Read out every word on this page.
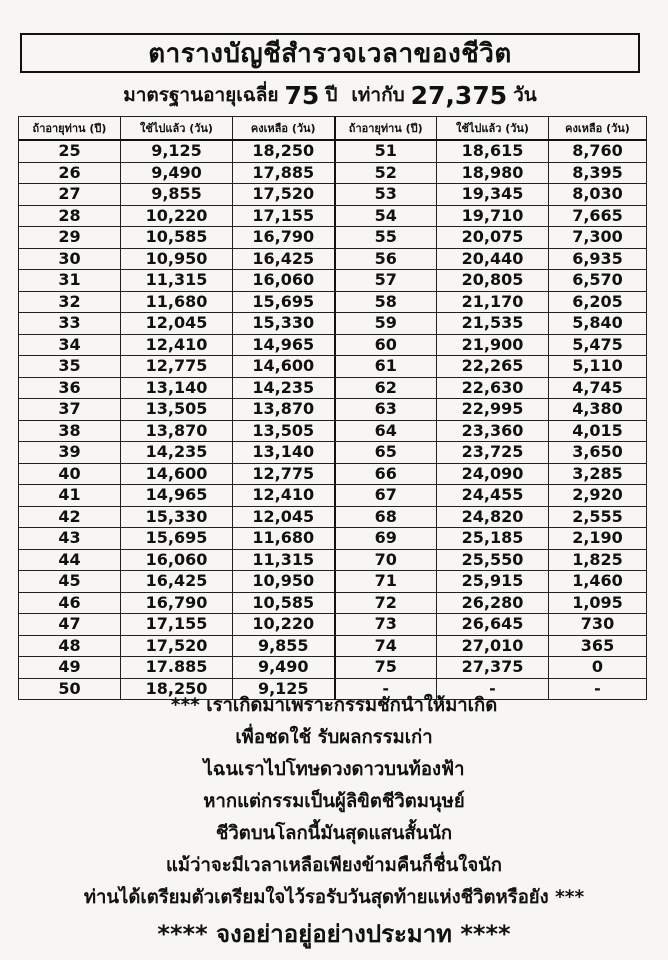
ตารางบัญชีสำรวจเวลาของชีวิต
มาตรฐานอายุเฉลี่ย 75 ปี เท่ากับ 27,375 วัน
ถ้าอายุท่าน (ปี)	ใช้ไปแล้ว (วัน)	คงเหลือ (วัน)	ถ้าอายุท่าน (ปี)	ใช้ไปแล้ว (วัน)	คงเหลือ (วัน)
25	9,125	18,250	51	18,615	8,760
26	9,490	17,885	52	18,980	8,395
27	9,855	17,520	53	19,345	8,030
28	10,220	17,155	54	19,710	7,665
29	10,585	16,790	55	20,075	7,300
30	10,950	16,425	56	20,440	6,935
31	11,315	16,060	57	20,805	6,570
32	11,680	15,695	58	21,170	6,205
33	12,045	15,330	59	21,535	5,840
34	12,410	14,965	60	21,900	5,475
35	12,775	14,600	61	22,265	5,110
36	13,140	14,235	62	22,630	4,745
37	13,505	13,870	63	22,995	4,380
38	13,870	13,505	64	23,360	4,015
39	14,235	13,140	65	23,725	3,650
40	14,600	12,775	66	24,090	3,285
41	14,965	12,410	67	24,455	2,920
42	15,330	12,045	68	24,820	2,555
43	15,695	11,680	69	25,185	2,190
44	16,060	11,315	70	25,550	1,825
45	16,425	10,950	71	25,915	1,460
46	16,790	10,585	72	26,280	1,095
47	17,155	10,220	73	26,645	730
48	17,520	9,855	74	27,010	365
49	17.885	9,490	75	27,375	0
50	18,250	9,125	-	-	-
*** เราเกิดมาเพราะกรรมชักนำให้มาเกิด
เพื่อชดใช้ รับผลกรรมเก่า
ไฉนเราไปโทษดวงดาวบนท้องฟ้า
หากแต่กรรมเป็นผู้ลิขิตชีวิตมนุษย์
ชีวิตบนโลกนี้มันสุดแสนสั้นนัก
แม้ว่าจะมีเวลาเหลือเพียงข้ามคืนก็ชื่นใจนัก
ท่านได้เตรียมตัวเตรียมใจไว้รอรับวันสุดท้ายแห่งชีวิตหรือยัง ***
**** จงอย่าอยู่อย่างประมาท ****
